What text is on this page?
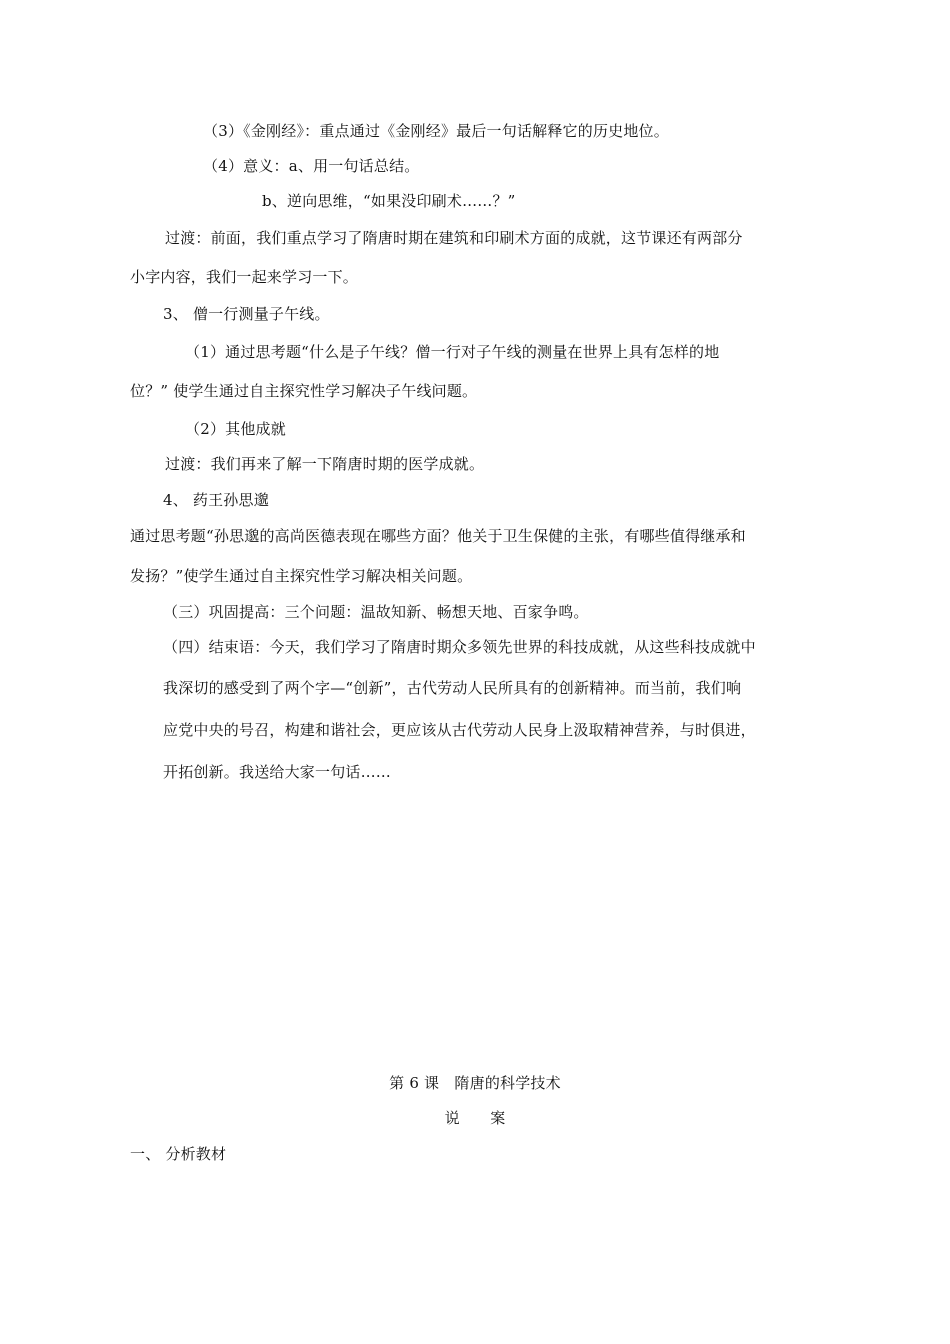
（3）《金刚经》：重点通过《金刚经》最后一句话解释它的历史地位。
（4）意义：a、用一句话总结。
b、逆向思维，“如果没印刷术……？”
过渡：前面，我们重点学习了隋唐时期在建筑和印刷术方面的成就，这节课还有两部分
小字内容，我们一起来学习一下。
3、 僧一行测量子午线。
（1）通过思考题“什么是子午线？僧一行对子午线的测量在世界上具有怎样的地
位？” 使学生通过自主探究性学习解决子午线问题。
（2）其他成就
过渡：我们再来了解一下隋唐时期的医学成就。
4、 药王孙思邈
通过思考题“孙思邈的高尚医德表现在哪些方面？他关于卫生保健的主张，有哪些值得继承和
发扬？”使学生通过自主探究性学习解决相关问题。
（三）巩固提高：三个问题：温故知新、畅想天地、百家争鸣。
（四）结束语：今天，我们学习了隋唐时期众多领先世界的科技成就，从这些科技成就中
我深切的感受到了两个字—“创新”，古代劳动人民所具有的创新精神。而当前，我们响
应党中央的号召，构建和谐社会，更应该从古代劳动人民身上汲取精神营养，与时俱进，
开拓创新。我送给大家一句话……
第 6 课　隋唐的科学技术
说　　案
一、 分析教材
